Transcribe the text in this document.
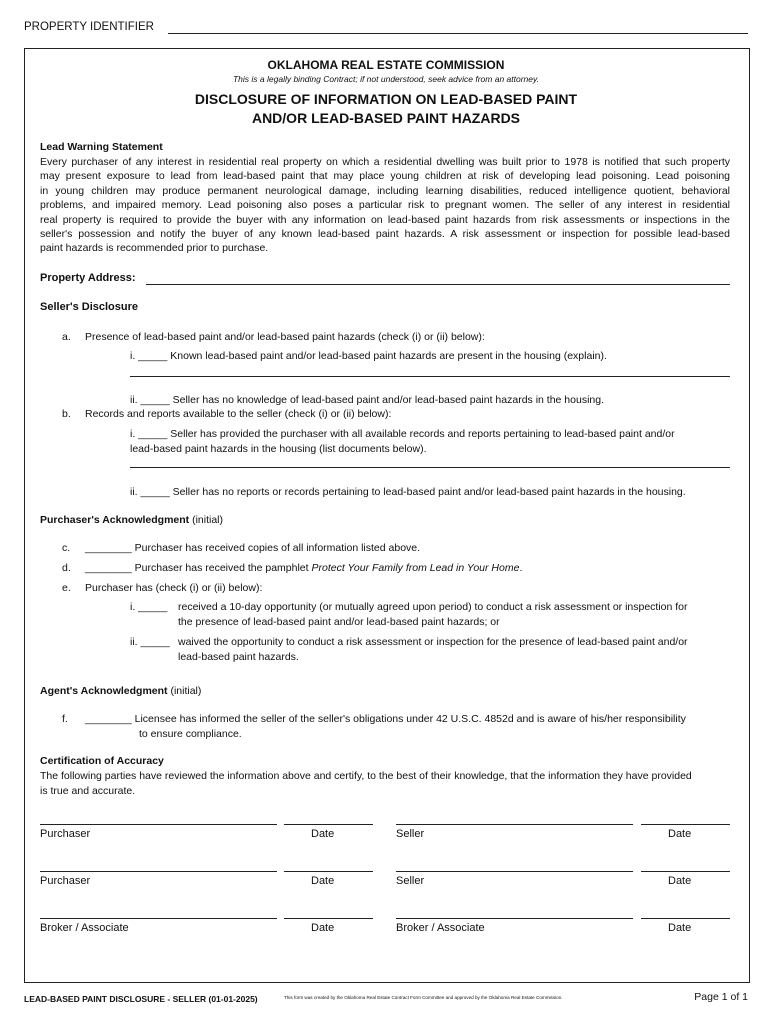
PROPERTY IDENTIFIER
OKLAHOMA REAL ESTATE COMMISSION
This is a legally binding Contract; if not understood, seek advice from an attorney.
DISCLOSURE OF INFORMATION ON LEAD-BASED PAINT
AND/OR LEAD-BASED PAINT HAZARDS
Lead Warning Statement
Every purchaser of any interest in residential real property on which a residential dwelling was built prior to 1978 is notified that such property
may present exposure to lead from lead-based paint that may place young children at risk of developing lead poisoning. Lead poisoning
in young children may produce permanent neurological damage, including learning disabilities, reduced intelligence quotient, behavioral
problems, and impaired memory. Lead poisoning also poses a particular risk to pregnant women. The seller of any interest in residential
real property is required to provide the buyer with any information on lead-based paint hazards from risk assessments or inspections in the
seller's possession and notify the buyer of any known lead-based paint hazards. A risk assessment or inspection for possible lead-based
paint hazards is recommended prior to purchase.
Property Address:
Seller's Disclosure
a. Presence of lead-based paint and/or lead-based paint hazards (check (i) or (ii) below):
i. _____ Known lead-based paint and/or lead-based paint hazards are present in the housing (explain).
ii. _____ Seller has no knowledge of lead-based paint and/or lead-based paint hazards in the housing.
b. Records and reports available to the seller (check (i) or (ii) below):
i. _____ Seller has provided the purchaser with all available records and reports pertaining to lead-based paint and/or
lead-based paint hazards in the housing (list documents below).
ii. _____ Seller has no reports or records pertaining to lead-based paint and/or lead-based paint hazards in the housing.
Purchaser's Acknowledgment (initial)
c. ________ Purchaser has received copies of all information listed above.
d. ________ Purchaser has received the pamphlet Protect Your Family from Lead in Your Home.
e. Purchaser has (check (i) or (ii) below):
i. _____ received a 10-day opportunity (or mutually agreed upon period) to conduct a risk assessment or inspection for
the presence of lead-based paint and/or lead-based paint hazards; or
ii. _____ waived the opportunity to conduct a risk assessment or inspection for the presence of lead-based paint and/or
lead-based paint hazards.
Agent's Acknowledgment (initial)
f. ________ Licensee has informed the seller of the seller's obligations under 42 U.S.C. 4852d and is aware of his/her responsibility
to ensure compliance.
Certification of Accuracy
The following parties have reviewed the information above and certify, to the best of their knowledge, that the information they have provided
is true and accurate.
Purchaser	Date	Seller	Date
Purchaser	Date	Seller	Date
Broker / Associate	Date	Broker / Associate	Date
LEAD-BASED PAINT DISCLOSURE - SELLER (01-01-2025)	This form was created by the Oklahoma Real Estate Contract Form Committee and approved by the Oklahoma Real Estate Commission.	Page 1 of 1
